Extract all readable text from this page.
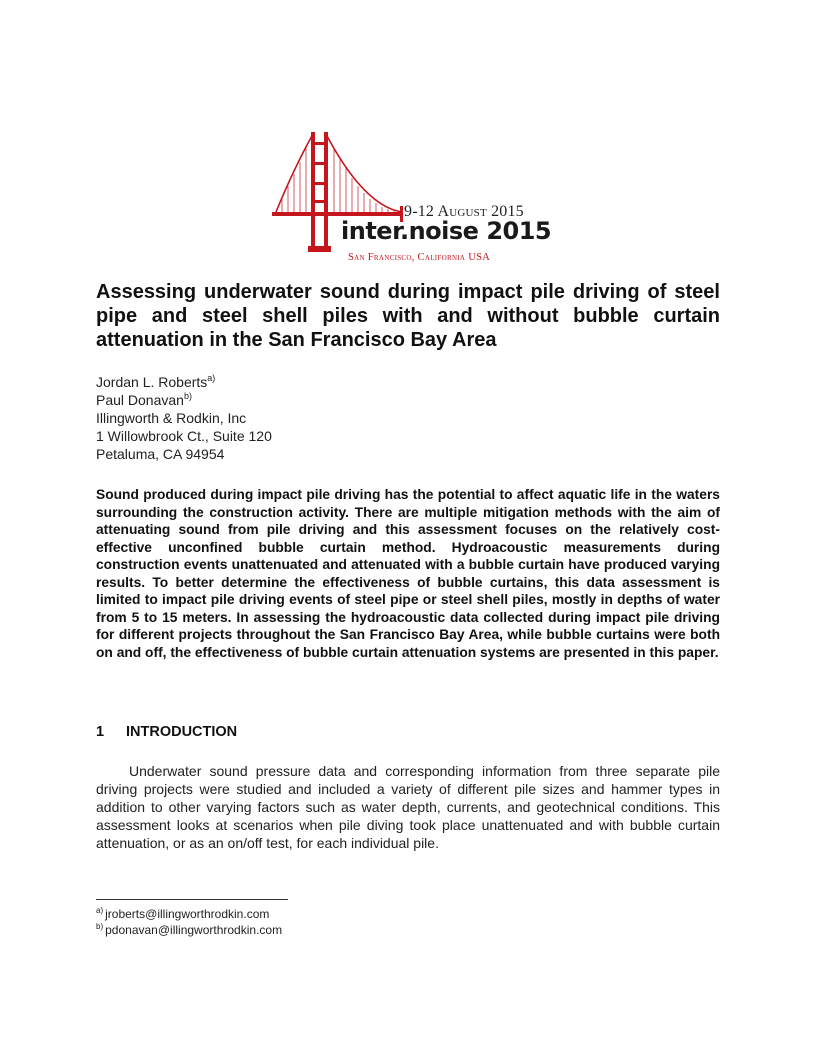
9-12 August 2015
inter.noise 2015
San Francisco, California USA
Assessing underwater sound during impact pile driving of steel pipe and steel shell piles with and without bubble curtain attenuation in the San Francisco Bay Area
Jordan L. Roberts$^{a)}$
Paul Donavan$^{b)}$
Illingworth & Rodkin, Inc
1 Willowbrook Ct., Suite 120
Petaluma, CA 94954
Sound produced during impact pile driving has the potential to affect aquatic life in the waters surrounding the construction activity. There are multiple mitigation methods with the aim of attenuating sound from pile driving and this assessment focuses on the relatively cost-effective unconfined bubble curtain method. Hydroacoustic measurements during construction events unattenuated and attenuated with a bubble curtain have produced varying results. To better determine the effectiveness of bubble curtains, this data assessment is limited to impact pile driving events of steel pipe or steel shell piles, mostly in depths of water from 5 to 15 meters. In assessing the hydroacoustic data collected during impact pile driving for different projects throughout the San Francisco Bay Area, while bubble curtains were both on and off, the effectiveness of bubble curtain attenuation systems are presented in this paper.
1 INTRODUCTION
Underwater sound pressure data and corresponding information from three separate pile driving projects were studied and included a variety of different pile sizes and hammer types in addition to other varying factors such as water depth, currents, and geotechnical conditions. This assessment looks at scenarios when pile diving took place unattenuated and with bubble curtain attenuation, or as an on/off test, for each individual pile.
$^{a)}$ jroberts@illingworthrodkin.com
$^{b)}$ pdonavan@illingworthrodkin.com
